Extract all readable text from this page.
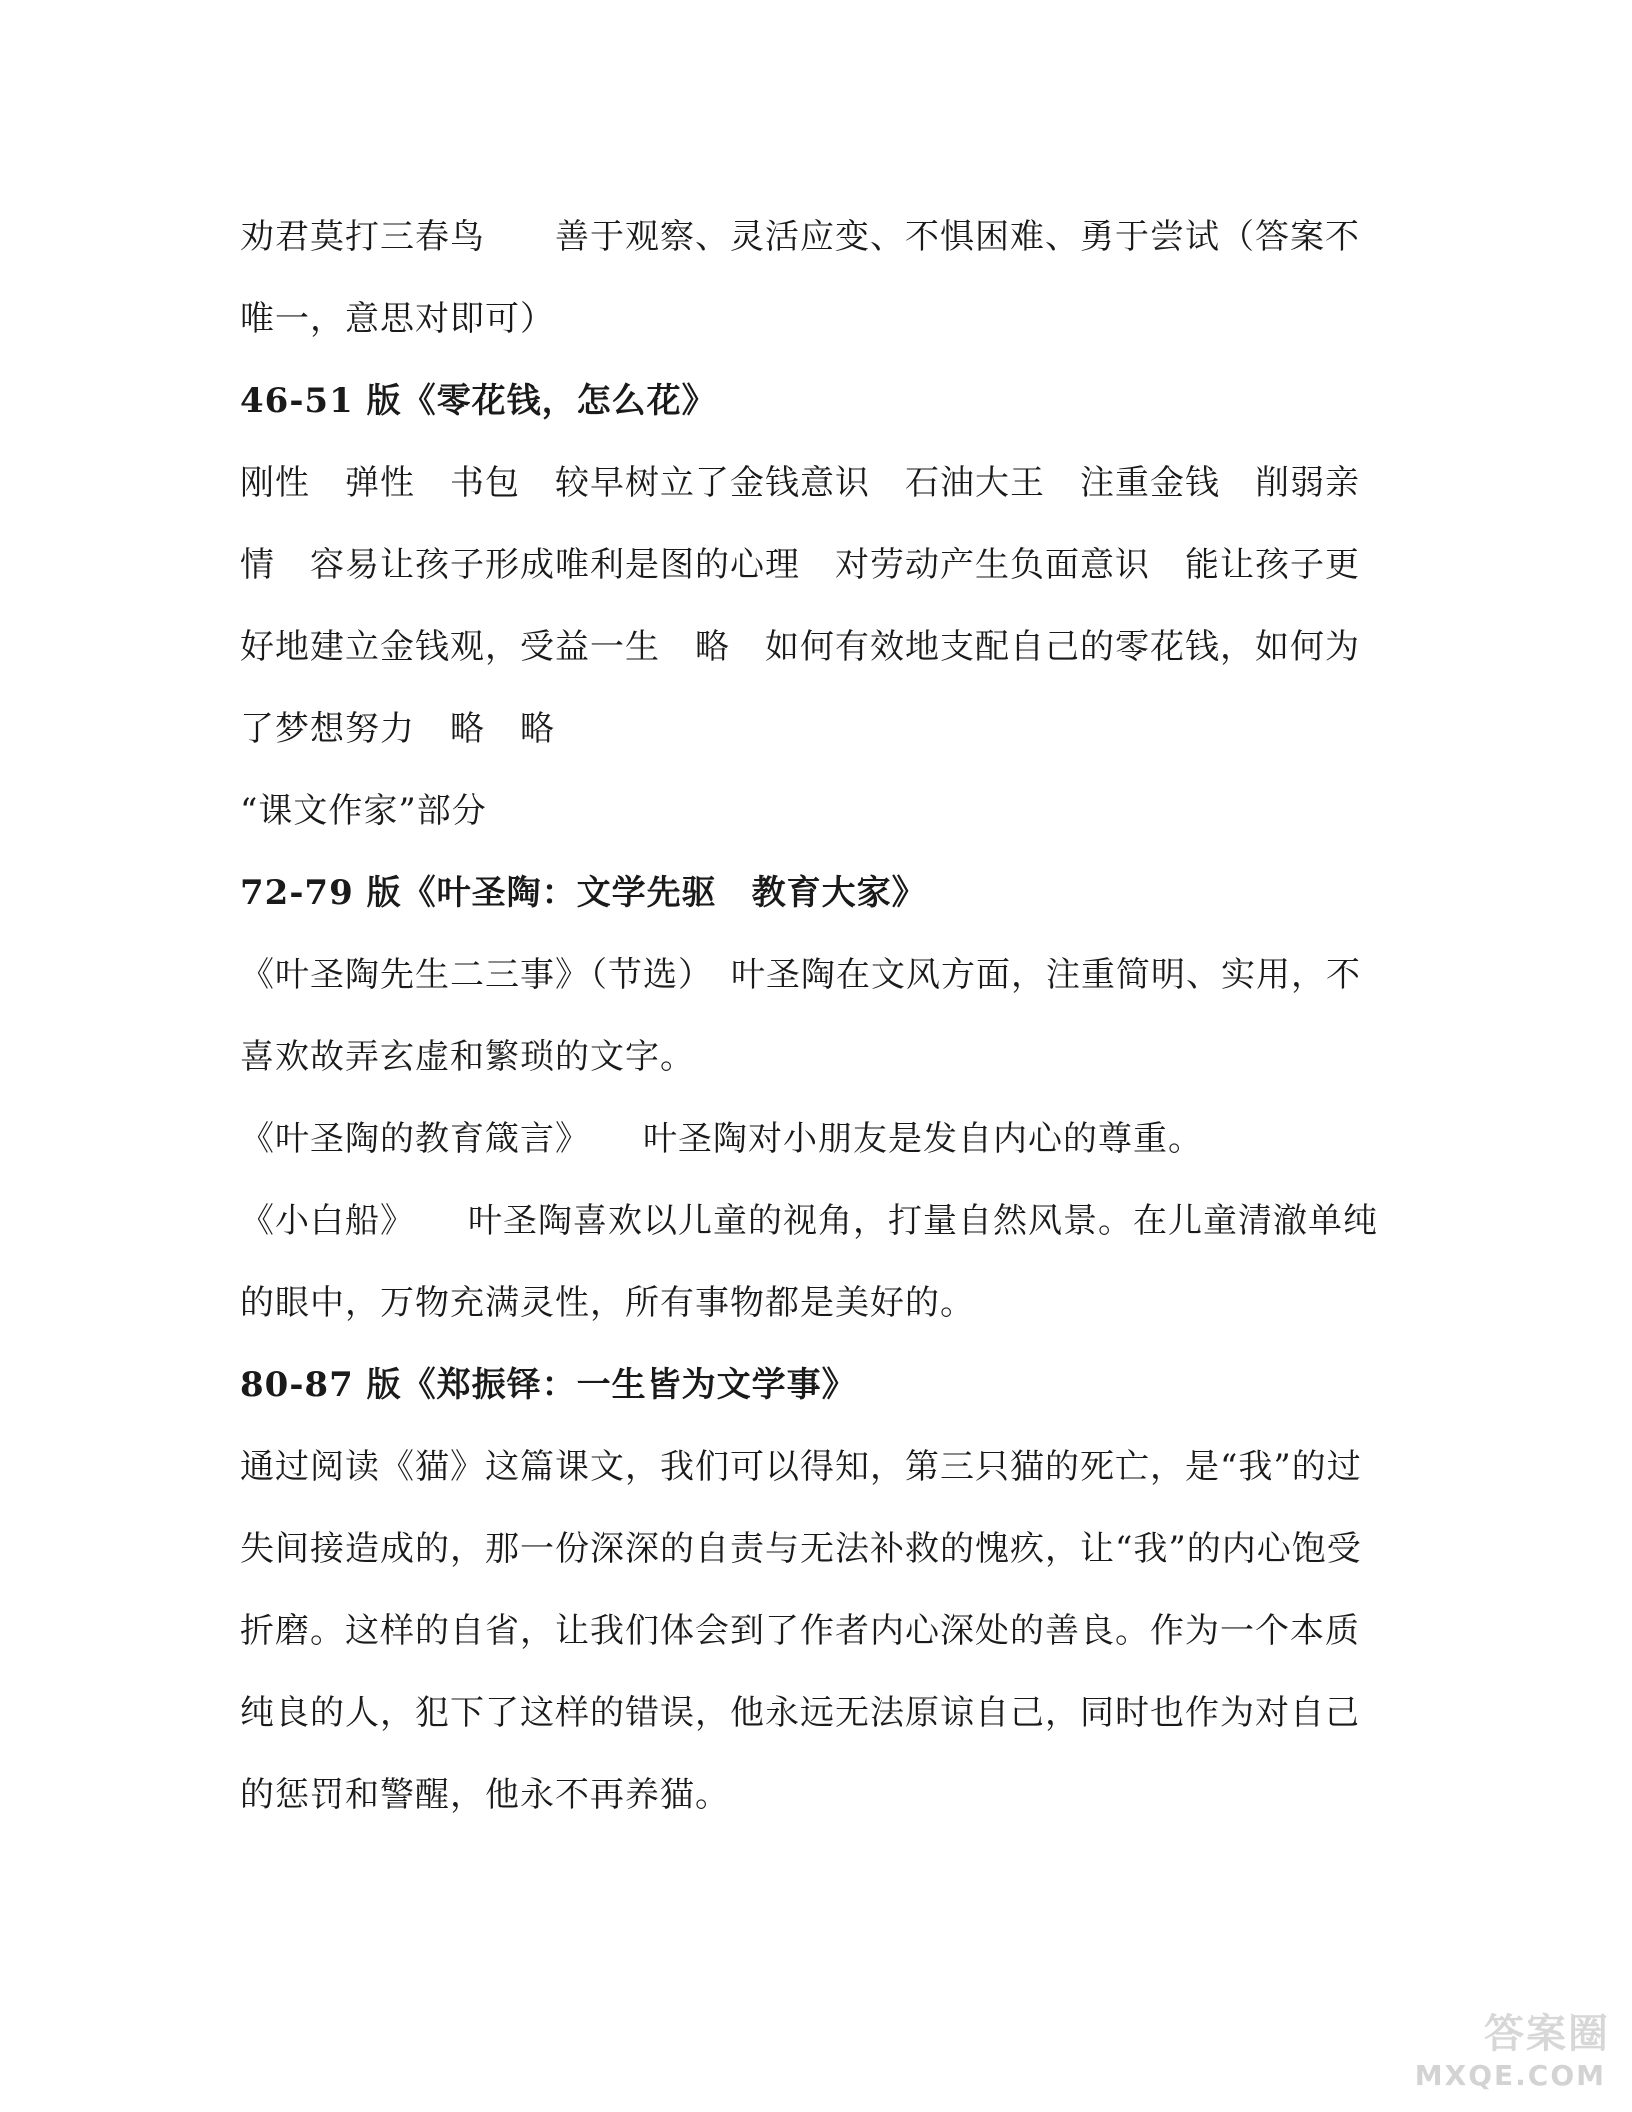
劝君莫打三春鸟　　善于观察、灵活应变、不惧困难、勇于尝试（答案不唯一，意思对即可）

46-51 版《零花钱，怎么花》

刚性　弹性　书包　较早树立了金钱意识　石油大王　注重金钱　削弱亲情　容易让孩子形成唯利是图的心理　对劳动产生负面意识　能让孩子更好地建立金钱观，受益一生　略　如何有效地支配自己的零花钱，如何为了梦想努力　略　略

“课文作家”部分

72-79 版《叶圣陶：文学先驱　教育大家》

《叶圣陶先生二三事》（节选）　叶圣陶在文风方面，注重简明、实用，不喜欢故弄玄虚和繁琐的文字。

《叶圣陶的教育箴言》　　叶圣陶对小朋友是发自内心的尊重。

《小白船》　　叶圣陶喜欢以儿童的视角，打量自然风景。在儿童清澈单纯的眼中，万物充满灵性，所有事物都是美好的。

80-87 版《郑振铎：一生皆为文学事》

通过阅读《猫》这篇课文，我们可以得知，第三只猫的死亡，是“我”的过失间接造成的，那一份深深的自责与无法补救的愧疚，让“我”的内心饱受折磨。这样的自省，让我们体会到了作者内心深处的善良。作为一个本质纯良的人，犯下了这样的错误，他永远无法原谅自己，同时也作为对自己的惩罚和警醒，他永不再养猫。

答案圈
MXQE.COM
